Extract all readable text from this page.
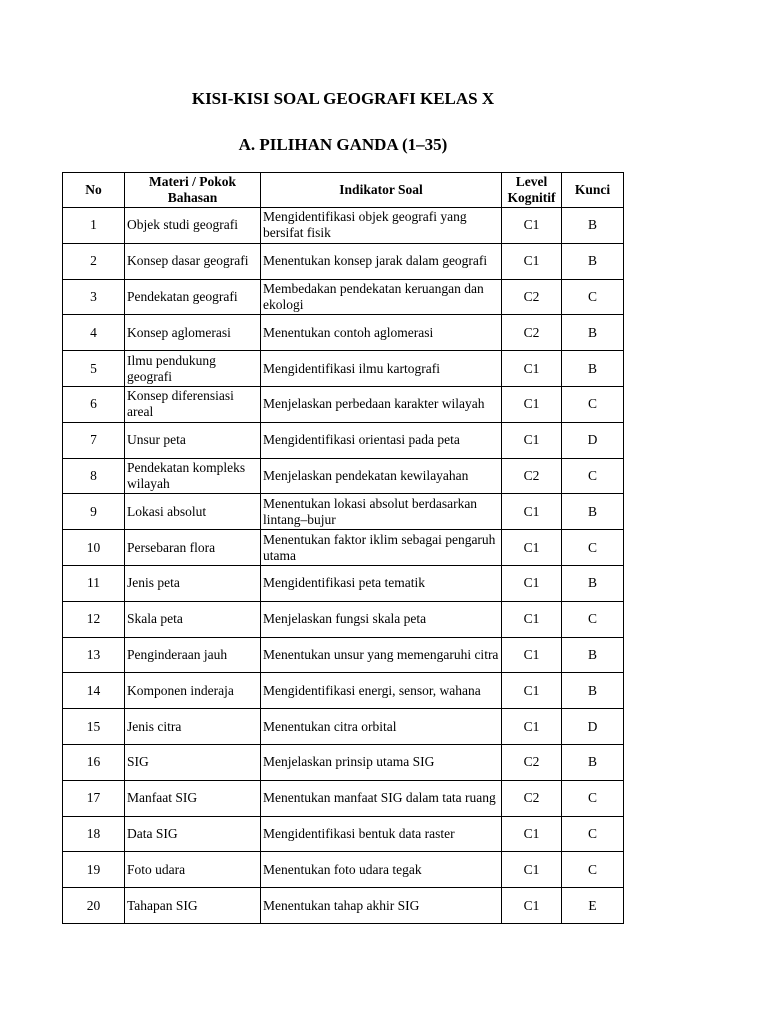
KISI-KISI SOAL GEOGRAFI KELAS X
A. PILIHAN GANDA (1–35)
No	Materi / Pokok Bahasan	Indikator Soal	Level Kognitif	Kunci
1	Objek studi geografi	Mengidentifikasi objek geografi yang bersifat fisik	C1	B
2	Konsep dasar geografi	Menentukan konsep jarak dalam geografi	C1	B
3	Pendekatan geografi	Membedakan pendekatan keruangan dan ekologi	C2	C
4	Konsep aglomerasi	Menentukan contoh aglomerasi	C2	B
5	Ilmu pendukung geografi	Mengidentifikasi ilmu kartografi	C1	B
6	Konsep diferensiasi areal	Menjelaskan perbedaan karakter wilayah	C1	C
7	Unsur peta	Mengidentifikasi orientasi pada peta	C1	D
8	Pendekatan kompleks wilayah	Menjelaskan pendekatan kewilayahan	C2	C
9	Lokasi absolut	Menentukan lokasi absolut berdasarkan lintang–bujur	C1	B
10	Persebaran flora	Menentukan faktor iklim sebagai pengaruh utama	C1	C
11	Jenis peta	Mengidentifikasi peta tematik	C1	B
12	Skala peta	Menjelaskan fungsi skala peta	C1	C
13	Penginderaan jauh	Menentukan unsur yang memengaruhi citra	C1	B
14	Komponen inderaja	Mengidentifikasi energi, sensor, wahana	C1	B
15	Jenis citra	Menentukan citra orbital	C1	D
16	SIG	Menjelaskan prinsip utama SIG	C2	B
17	Manfaat SIG	Menentukan manfaat SIG dalam tata ruang	C2	C
18	Data SIG	Mengidentifikasi bentuk data raster	C1	C
19	Foto udara	Menentukan foto udara tegak	C1	C
20	Tahapan SIG	Menentukan tahap akhir SIG	C1	E
